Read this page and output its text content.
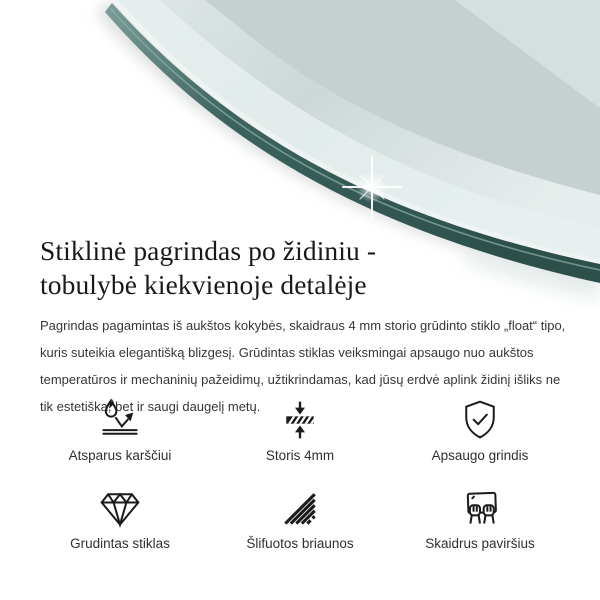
Stiklinė pagrindas po židiniu -
tobulybė kiekvienoje detalėje

Pagrindas pagamintas iš aukštos kokybės, skaidraus 4 mm storio grūdinto stiklo „float“ tipo, kuris suteikia elegantišką blizgesį. Grūdintas stiklas veiksmingai apsaugo nuo aukštos temperatūros ir mechaninių pažeidimų, užtikrindamas, kad jūsų erdvė aplink židinį išliks ne tik estetiška, bet ir saugi daugelį metų.

Atsparus karščiui	Storis 4mm	Apsaugo grindis
Grudintas stiklas	Šlifuotos briaunos	Skaidrus paviršius
